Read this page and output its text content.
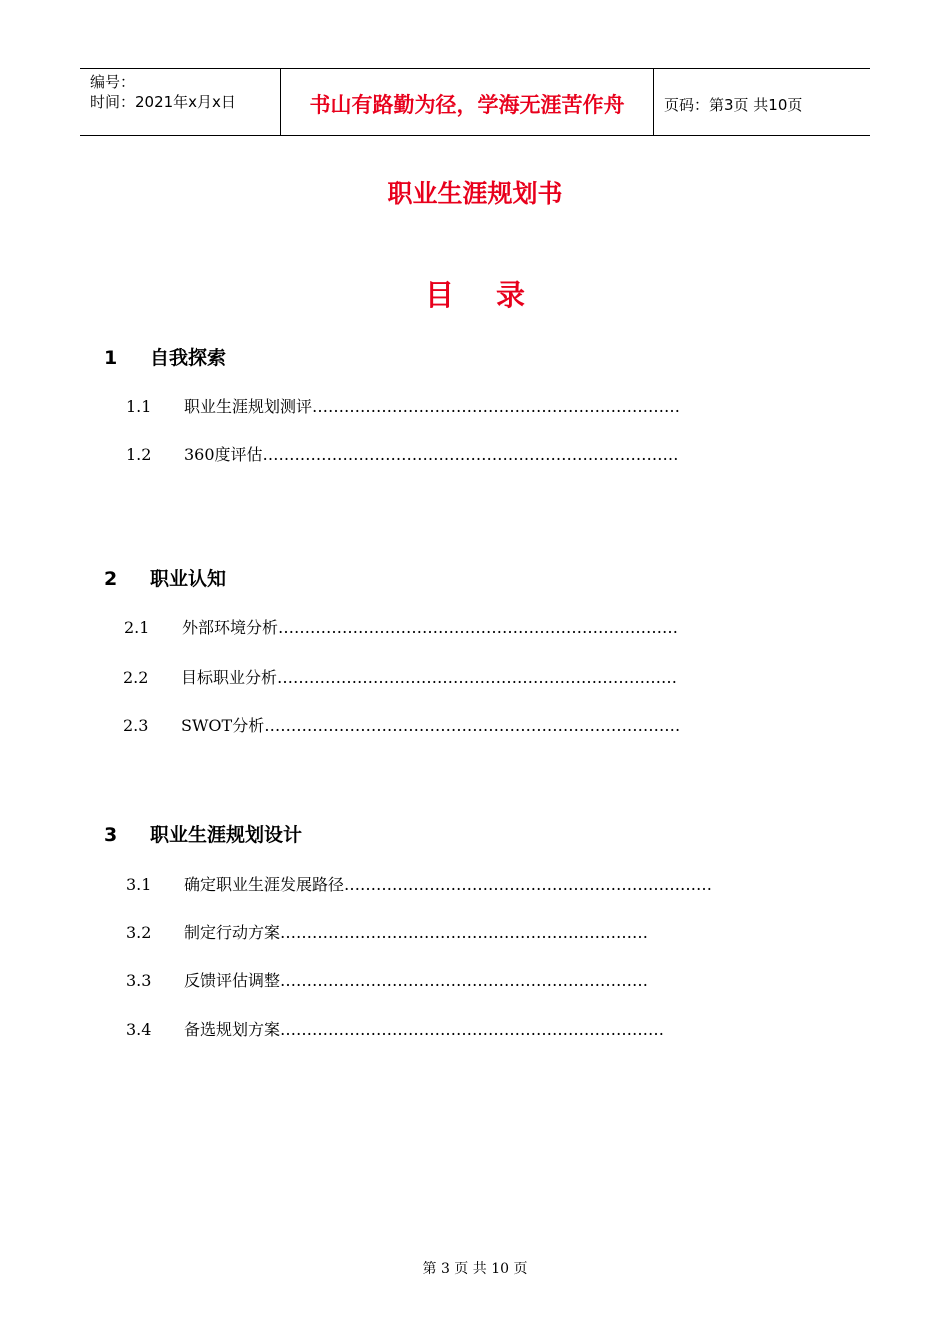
编号：
时间：2021年x月x日	书山有路勤为径，学海无涯苦作舟	页码：第3页 共10页
职业生涯规划书
目 录
1 自我探索
1.1 职业生涯规划测评……………………………………………………………
1.2 360度评估……………………………………………………………………
2 职业认知
2.1 外部环境分析…………………………………………………………………
2.2 目标职业分析…………………………………………………………………
2.3 SWOT分析……………………………………………………………………
3 职业生涯规划设计
3.1 确定职业生涯发展路径……………………………………………………………
3.2 制定行动方案……………………………………………………………
3.3 反馈评估调整……………………………………………………………
3.4 备选规划方案………………………………………………………………
第 3 页 共 10 页
